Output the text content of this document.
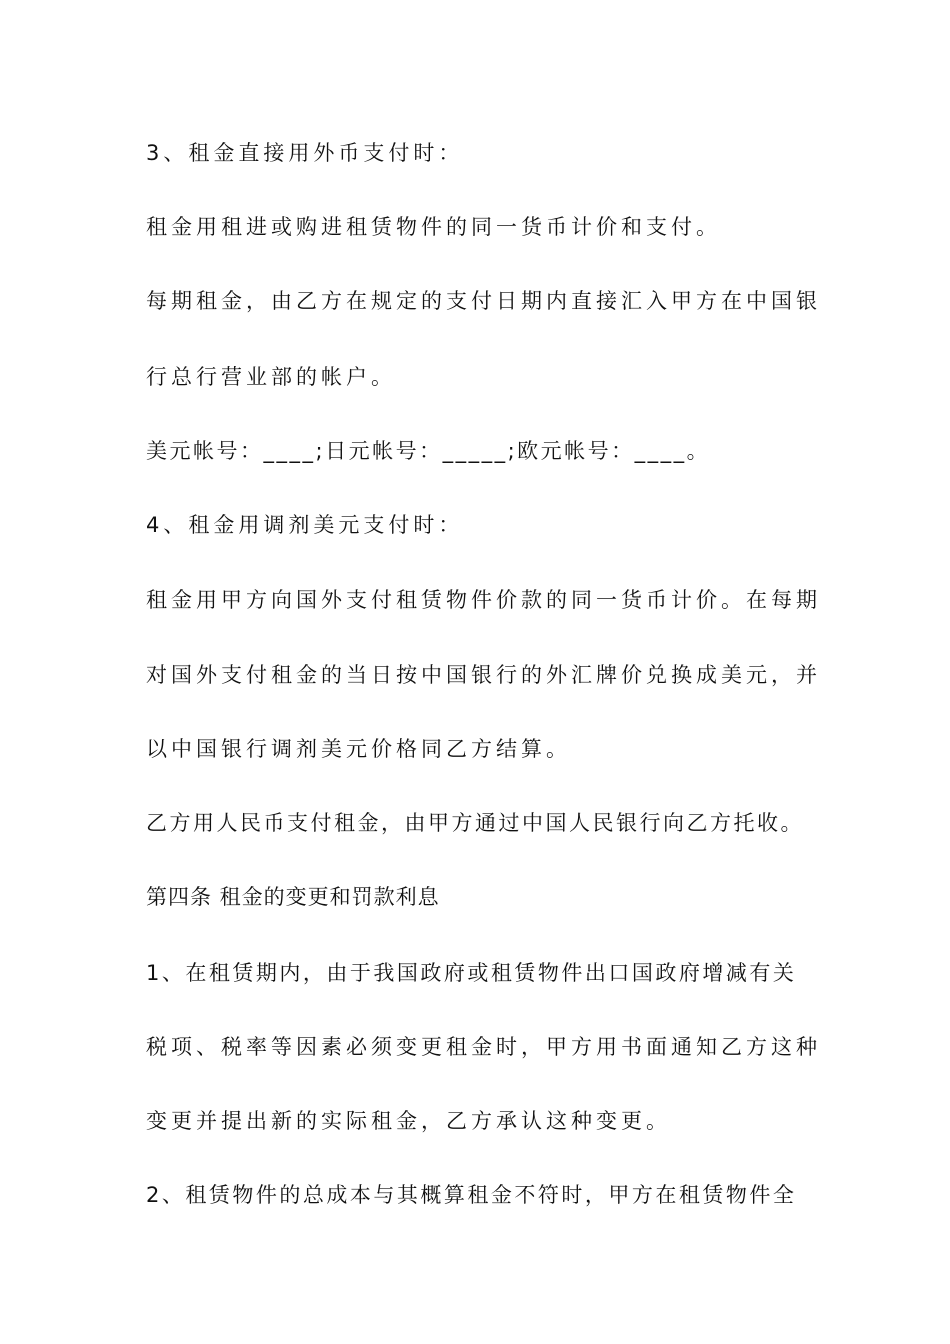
3、租金直接用外币支付时：
租金用租进或购进租赁物件的同一货币计价和支付。
每期租金，由乙方在规定的支付日期内直接汇入甲方在中国银
行总行营业部的帐户。
美元帐号：____;日元帐号：_____;欧元帐号：____。
4、租金用调剂美元支付时：
租金用甲方向国外支付租赁物件价款的同一货币计价。在每期
对国外支付租金的当日按中国银行的外汇牌价兑换成美元，并
以中国银行调剂美元价格同乙方结算。
乙方用人民币支付租金，由甲方通过中国人民银行向乙方托收。
第四条 租金的变更和罚款利息
1、在租赁期内，由于我国政府或租赁物件出口国政府增减有关
税项、税率等因素必须变更租金时，甲方用书面通知乙方这种
变更并提出新的实际租金，乙方承认这种变更。
2、租赁物件的总成本与其概算租金不符时，甲方在租赁物件全
